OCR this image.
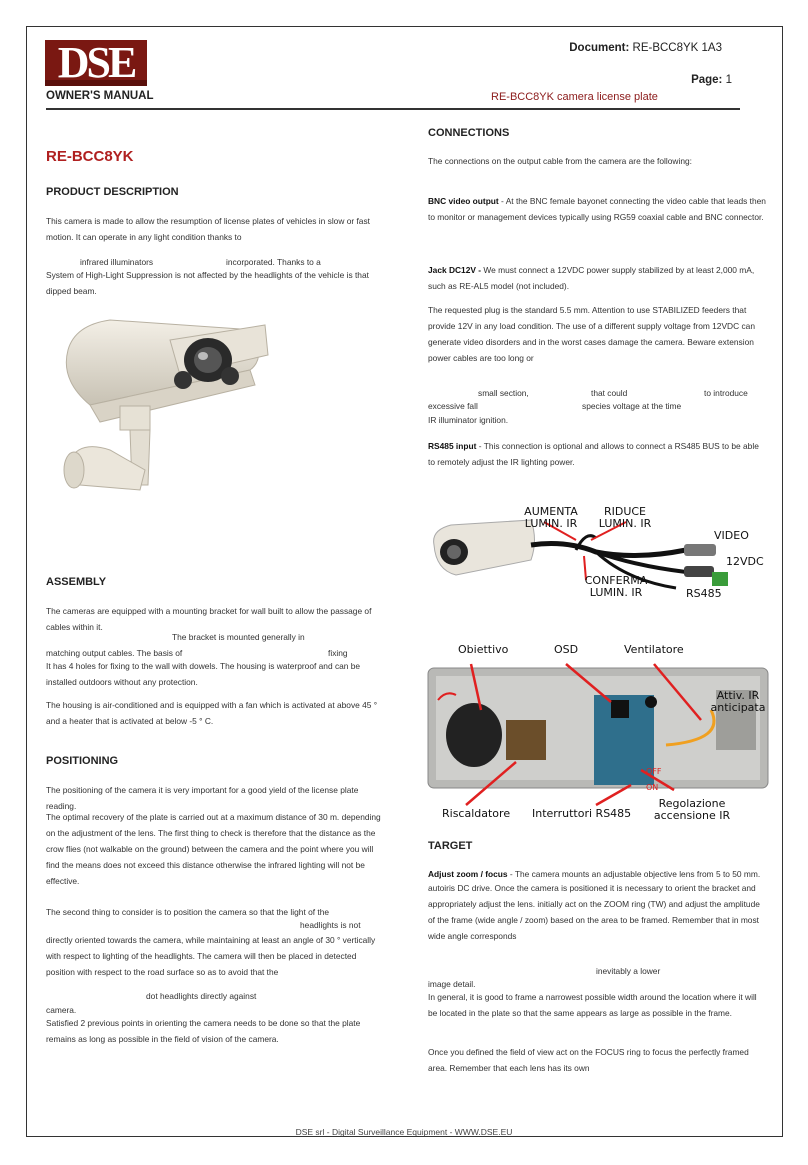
DSE	Document: RE-BCC8YK 1A3
Page: 1
OWNER'S MANUAL	RE-BCC8YK camera license plate
RE-BCC8YK
PRODUCT DESCRIPTION
This camera is made to allow the resumption of license plates of vehicles in slow or fast motion. It can operate in any light condition thanks to
infrared illuminators	incorporated. Thanks to a
System of High-Light Suppression is not affected by the headlights of the vehicle is that dipped beam.
ASSEMBLY
The cameras are equipped with a mounting bracket for wall built to allow the passage of cables within it.
The bracket is mounted generally in
matching output cables. The basis of	fixing
It has 4 holes for fixing to the wall with dowels. The housing is waterproof and can be installed outdoors without any protection.
The housing is air-conditioned and is equipped with a fan which is activated at above 45 ° and a heater that is activated at below -5 ° C.
POSITIONING
The positioning of the camera it is very important for a good yield of the license plate reading.
The optimal recovery of the plate is carried out at a maximum distance of 30 m. depending on the adjustment of the lens. The first thing to check is therefore that the distance as the crow flies (not walkable on the ground) between the camera and the point where you will find the means does not exceed this distance otherwise the infrared lighting will not be effective.
The second thing to consider is to position the camera so that the light of the
headlights is not
directly oriented towards the camera, while maintaining at least an angle of 30 ° vertically with respect to lighting of the headlights. The camera will then be placed in detected position with respect to the road surface so as to avoid that the
dot headlights directly against
camera.
Satisfied 2 previous points in orienting the camera needs to be done so that the plate remains as long as possible in the field of vision of the camera.
CONNECTIONS
The connections on the output cable from the camera are the following:
BNC video output - At the BNC female bayonet connecting the video cable that leads then to monitor or management devices typically using RG59 coaxial cable and BNC connector.
Jack DC12V - We must connect a 12VDC power supply stabilized by at least 2,000 mA, such as RE-AL5 model (not included).
The requested plug is the standard 5.5 mm. Attention to use STABILIZED feeders that provide 12V in any load condition. The use of a different supply voltage from 12VDC can generate video disorders and in the worst cases damage the camera. Beware extension power cables are too long or
small section,	that could	to introduce
excessive fall	species voltage at the time
IR illuminator ignition.
RS485 input - This connection is optional and allows to connect a RS485 BUS to be able to remotely adjust the IR lighting power.
AUMENTA LUMIN. IR
RIDUCE LUMIN. IR
VIDEO
12VDC
CONFERMA LUMIN. IR	RS485
Obiettivo	OSD	Ventilatore
Attiv. IR anticipata
Riscaldatore Interruttori RS485
Regolazione accensione IR
OFF
ON
TARGET
Adjust zoom / focus - The camera mounts an adjustable objective lens from 5 to 50 mm.
autoiris DC drive. Once the camera is positioned it is necessary to orient the bracket and appropriately adjust the lens. initially act on the ZOOM ring (TW) and adjust the amplitude of the frame (wide angle / zoom) based on the area to be framed. Remember that in most wide angle corresponds
inevitably a lower
image detail.
In general, it is good to frame a narrowest possible width around the location where it will be located in the plate so that the same appears as large as possible in the frame.
Once you defined the field of view act on the FOCUS ring to focus the perfectly framed area. Remember that each lens has its own
DSE srl - Digital Surveillance Equipment - WWW.DSE.EU
